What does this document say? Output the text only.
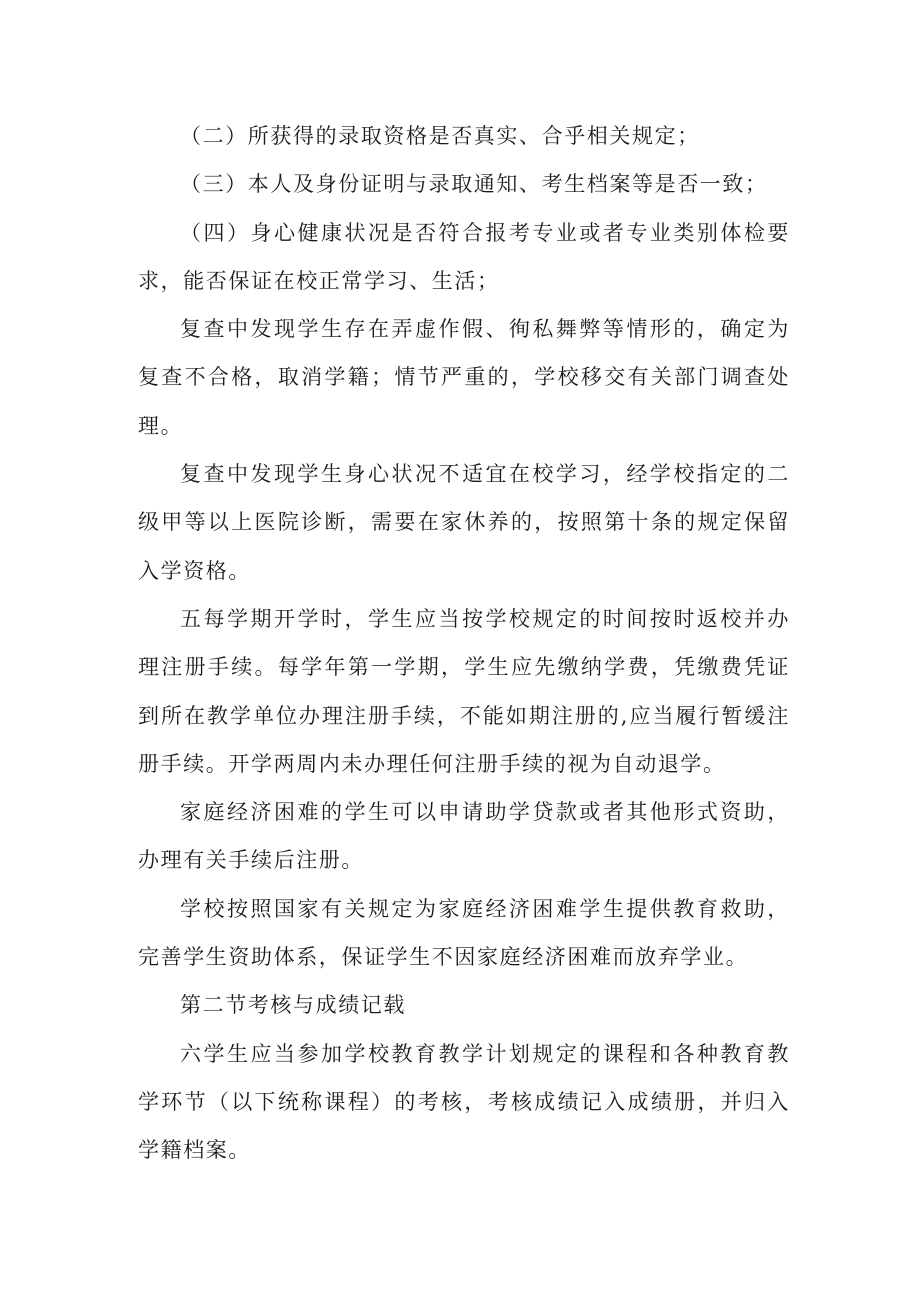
（二）所获得的录取资格是否真实、合乎相关规定；

（三）本人及身份证明与录取通知、考生档案等是否一致；

（四）身心健康状况是否符合报考专业或者专业类别体检要求，能否保证在校正常学习、生活；

复查中发现学生存在弄虚作假、徇私舞弊等情形的，确定为复查不合格，取消学籍；情节严重的，学校移交有关部门调查处理。

复查中发现学生身心状况不适宜在校学习，经学校指定的二级甲等以上医院诊断，需要在家休养的，按照第十条的规定保留入学资格。

五每学期开学时，学生应当按学校规定的时间按时返校并办理注册手续。每学年第一学期，学生应先缴纳学费，凭缴费凭证到所在教学单位办理注册手续，不能如期注册的,应当履行暂缓注册手续。开学两周内未办理任何注册手续的视为自动退学。

家庭经济困难的学生可以申请助学贷款或者其他形式资助，办理有关手续后注册。

学校按照国家有关规定为家庭经济困难学生提供教育救助，完善学生资助体系，保证学生不因家庭经济困难而放弃学业。

第二节考核与成绩记载

六学生应当参加学校教育教学计划规定的课程和各种教育教学环节（以下统称课程）的考核，考核成绩记入成绩册，并归入学籍档案。
